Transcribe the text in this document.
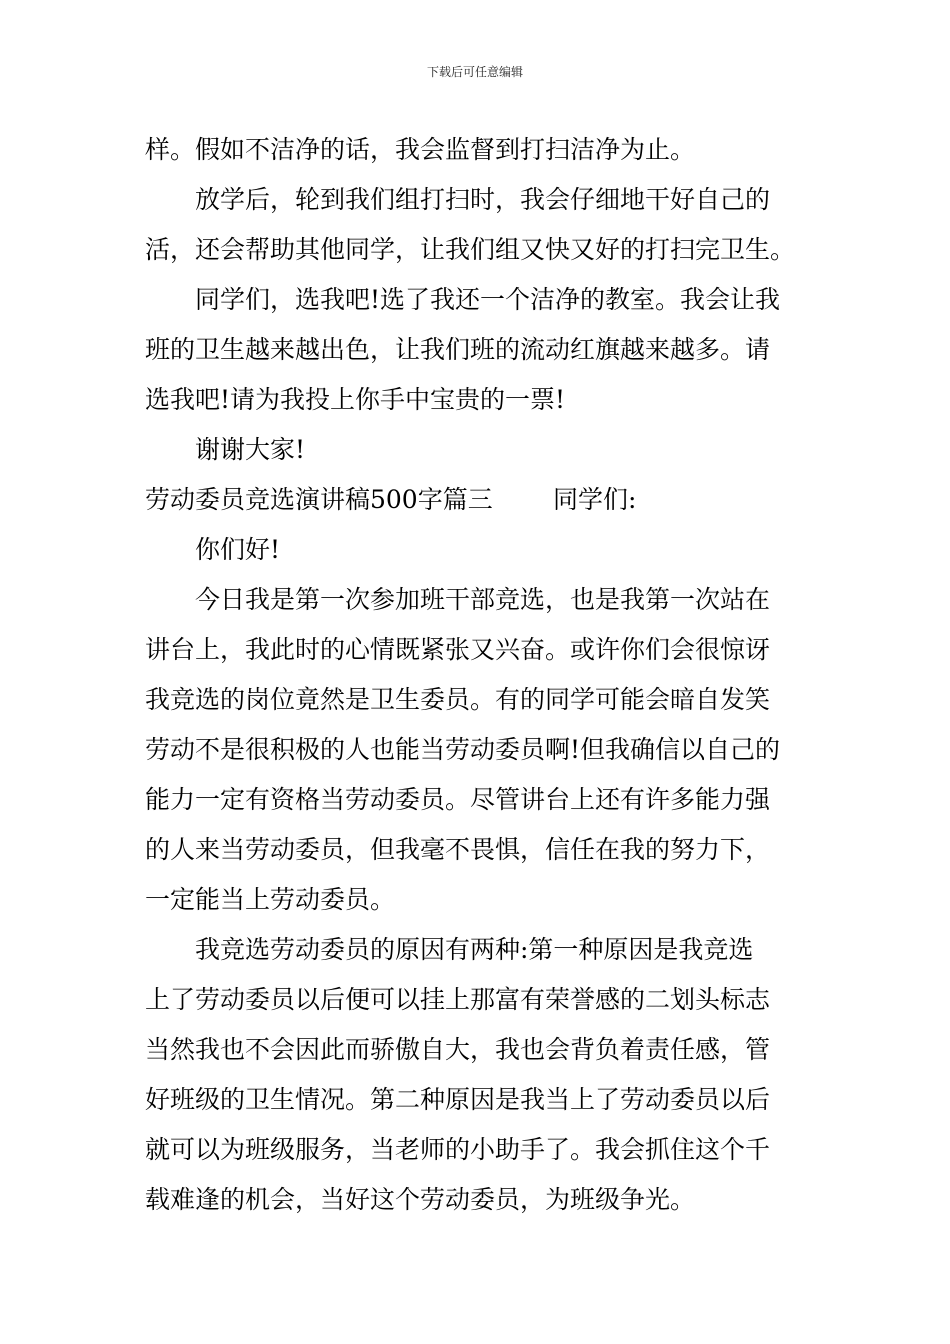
下载后可任意编辑
样。假如不洁净的话，我会监督到打扫洁净为止。
放学后，轮到我们组打扫时，我会仔细地干好自己的
活，还会帮助其他同学，让我们组又快又好的打扫完卫生。
同学们，选我吧!选了我还一个洁净的教室。我会让我
班的卫生越来越出色，让我们班的流动红旗越来越多。请
选我吧!请为我投上你手中宝贵的一票!
谢谢大家!
劳动委员竞选演讲稿500字篇三 同学们:
你们好!
今日我是第一次参加班干部竞选，也是我第一次站在
讲台上，我此时的心情既紧张又兴奋。或许你们会很惊讶
我竞选的岗位竟然是卫生委员。有的同学可能会暗自发笑
劳动不是很积极的人也能当劳动委员啊!但我确信以自己的
能力一定有资格当劳动委员。尽管讲台上还有许多能力强
的人来当劳动委员，但我毫不畏惧，信任在我的努力下，
一定能当上劳动委员。
我竞选劳动委员的原因有两种:第一种原因是我竞选
上了劳动委员以后便可以挂上那富有荣誉感的二划头标志
当然我也不会因此而骄傲自大，我也会背负着责任感，管
好班级的卫生情况。第二种原因是我当上了劳动委员以后
就可以为班级服务，当老师的小助手了。我会抓住这个千
载难逢的机会，当好这个劳动委员，为班级争光。
